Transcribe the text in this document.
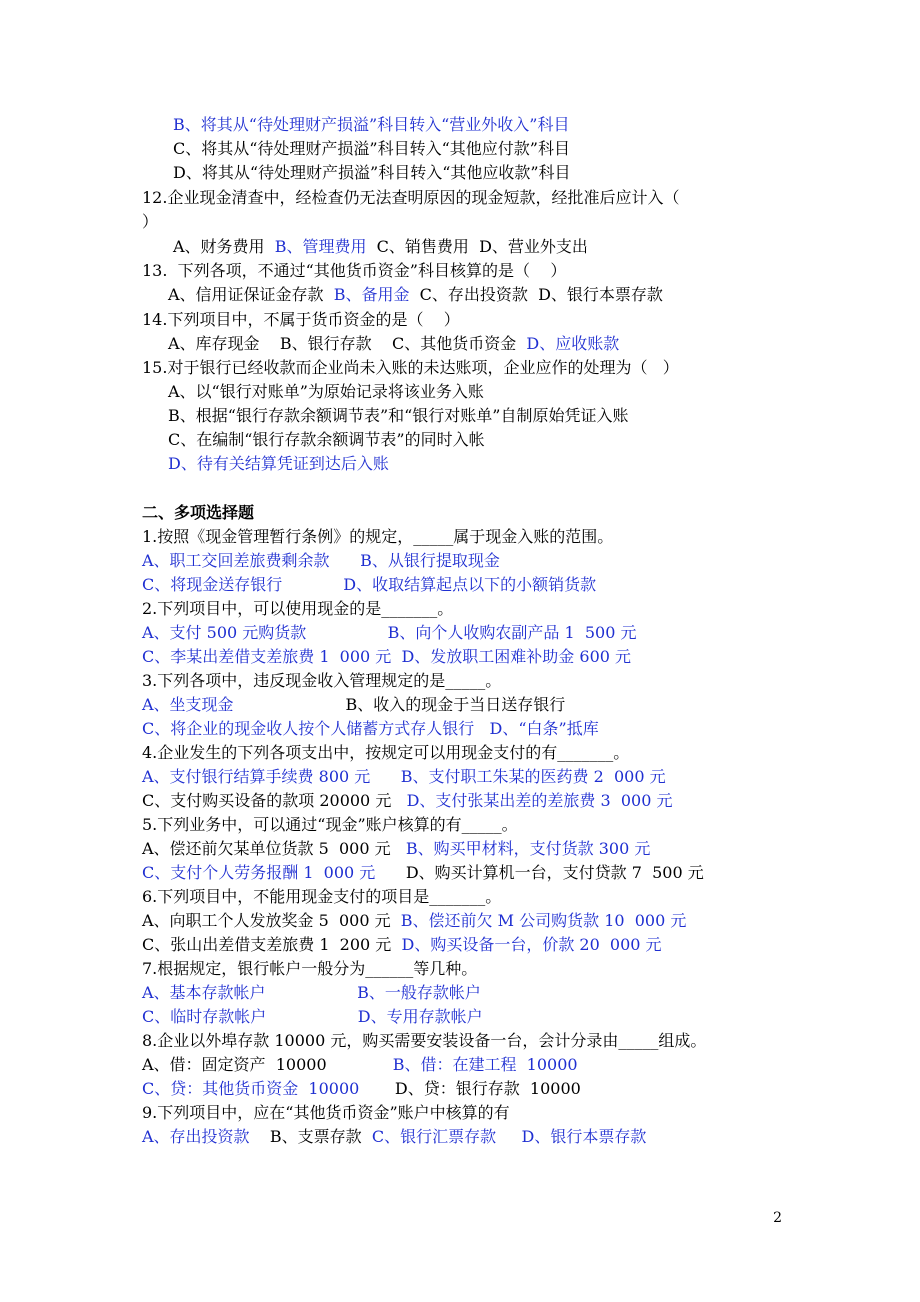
B、将其从“待处理财产损溢”科目转入“营业外收入”科目
C、将其从“待处理财产损溢”科目转入“其他应付款”科目
D、将其从“待处理财产损溢”科目转入“其他应收款”科目
12.企业现金清查中，经检查仍无法查明原因的现金短款，经批准后应计入（
）
A、财务费用  B、管理费用  C、销售费用  D、营业外支出
13.  下列各项，不通过“其他货币资金”科目核算的是（    ）
A、信用证保证金存款  B、备用金  C、存出投资款  D、银行本票存款
14.下列项目中，不属于货币资金的是（    ）
A、库存现金    B、银行存款    C、其他货币资金  D、应收账款
15.对于银行已经收款而企业尚未入账的未达账项，企业应作的处理为（   ）
A、以“银行对账单”为原始记录将该业务入账
B、根据“银行存款余额调节表”和“银行对账单”自制原始凭证入账
C、在编制“银行存款余额调节表”的同时入帐
D、待有关结算凭证到达后入账
二、多项选择题
1.按照《现金管理暂行条例》的规定，_____属于现金入账的范围。
A、职工交回差旅费剩余款      B、从银行提取现金
C、将现金送存银行            D、收取结算起点以下的小额销货款
2.下列项目中，可以使用现金的是_______。
A、支付 500 元购货款                B、向个人收购农副产品 1  500 元
C、李某出差借支差旅费 1  000 元  D、发放职工困难补助金 600 元
3.下列各项中，违反现金收入管理规定的是_____。
A、坐支现金                      B、收入的现金于当日送存银行
C、将企业的现金收人按个人储蓄方式存人银行   D、“白条”抵库
4.企业发生的下列各项支出中，按规定可以用现金支付的有_______。
A、支付银行结算手续费 800 元      B、支付职工朱某的医药费 2  000 元
C、支付购买设备的款项 20000 元   D、支付张某出差的差旅费 3  000 元
5.下列业务中，可以通过“现金”账户核算的有_____。
A、偿还前欠某单位货款 5  000 元   B、购买甲材料，支付货款 300 元
C、支付个人劳务报酬 1  000 元      D、购买计算机一台，支付贷款 7  500 元
6.下列项目中，不能用现金支付的项目是_______。
A、向职工个人发放奖金 5  000 元  B、偿还前欠 M 公司购货款 10  000 元
C、张山出差借支差旅费 1  200 元  D、购买设备一台，价款 20  000 元
7.根据规定，银行帐户一般分为______等几种。
A、基本存款帐户                  B、一般存款帐户
C、临时存款帐户                  D、专用存款帐户
8.企业以外埠存款 10000 元，购买需要安装设备一台，会计分录由_____组成。
A、借：固定资产  10000             B、借：在建工程  10000
C、贷：其他货币资金  10000       D、贷：银行存款  10000
9.下列项目中，应在“其他货币资金”账户中核算的有
A、存出投资款    B、支票存款  C、银行汇票存款     D、银行本票存款
2
